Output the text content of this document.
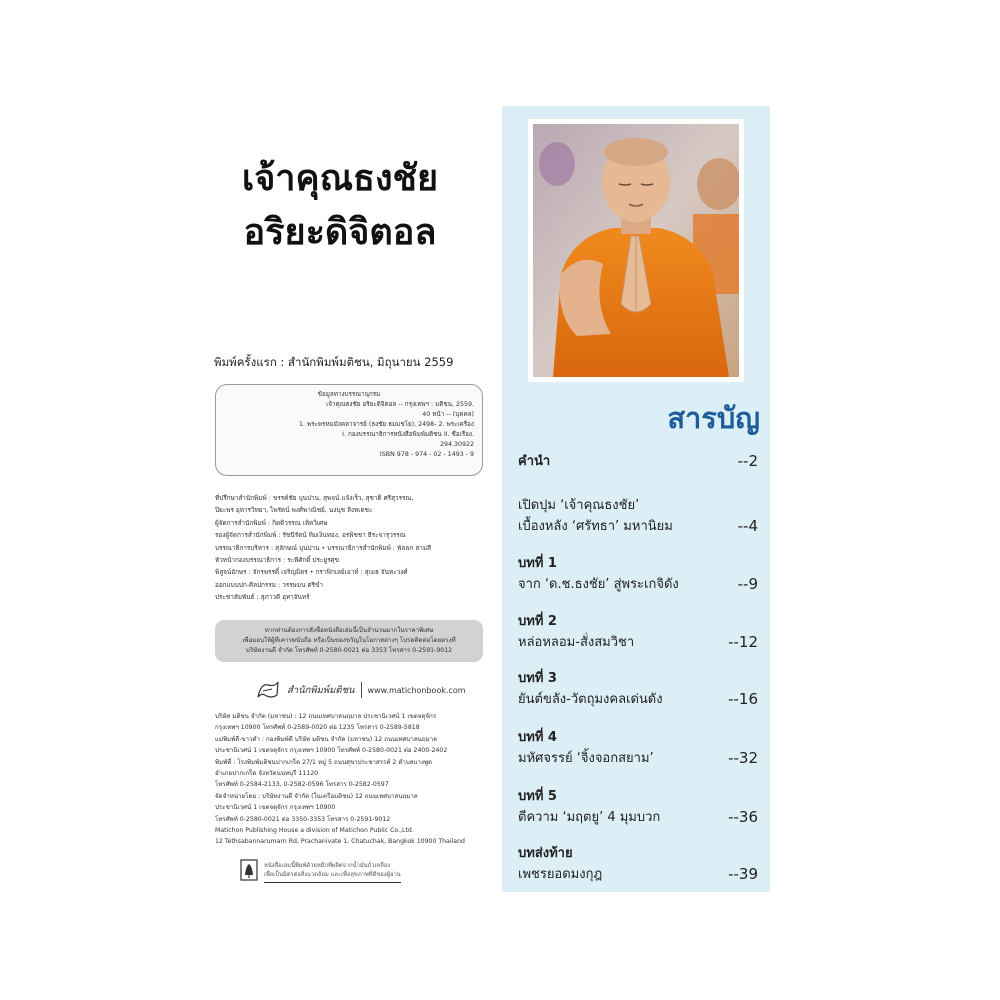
เจ้าคุณธงชัย
อริยะดิจิตอล
พิมพ์ครั้งแรก : สำนักพิมพ์มติชน, มิถุนายน 2559
ข้อมูลทางบรรณานุกรม
เจ้าคุณธงชัย อริยะดิจิตอล -- กรุงเทพฯ : มติชน, 2559.
40 หน้า -- (บุคคล)
1. พระพรหมมังคลาจารย์ (ธงชัย ธมมชโย), 2498- 2. พระเครื่อง
I. กองบรรณาธิการหนังสือพิมพ์มติชน II. ชื่อเรื่อง.
294.30922
ISBN 978 - 974 - 02 - 1493 - 9
ที่ปรึกษาสำนักพิมพ์ : ขรรค์ชัย บุนปาน, สุพจน์ แจ้งเร็ว, สุชาติ ศรีสุวรรณ,
ปิยะพร อุทารวิทยา, ไพรัตน์ พงศ์พาณิชย์, นงนุช สิงหเดชะ
ผู้จัดการสำนักพิมพ์ : กิตติวรรณ เทิดวิเศษ
รองผู้จัดการสำนักพิมพ์ : รัชนีรัตน์ ทิมเงินทอง, อรพิชชา ธีระจารุวรรณ
บรรณาธิการบริหาร : สุลักษณ์ บุนปาน • บรรณาธิการสำนักพิมพ์ : พัลลภ สามสี
หัวหน้ากองบรรณาธิการ : ระพีศักดิ์ ประยูรศุข
พิสูจน์อักษร : จักรพรรดิ์ เจริญมิตร • กราฟิกเลย์เอาท์ : สุเมธ จันทะวงศ์
ออกแบบปก-ศิลปกรรม : วรรษมน ศรีขำ
ประชาสัมพันธ์ : สุภาวดี อุทาจันทร์
หากท่านต้องการสั่งซื้อหนังสือเล่มนี้เป็นจำนวนมากในราคาพิเศษ
เพื่อมอบให้ผู้ที่เคารพนับถือ หรือเป็นของขวัญในโอกาสต่างๆ โปรดติดต่อโดยตรงที่
บริษัทงานดี จำกัด โทรศัพท์ 0-2580-0021 ต่อ 3353 โทรสาร 0-2591-9012
สำนักพิมพ์มติชน www.matichonbook.com
บริษัท มติชน จำกัด (มหาชน) : 12 ถนนเทศบาลนฤมาล ประชานิเวศน์ 1 เขตจตุจักร
กรุงเทพฯ 10900 โทรศัพท์ 0-2589-0020 ต่อ 1235 โทรสาร 0-2589-5818
แม่พิมพ์สี-ขาวดำ : กองพิมพ์ดี บริษัท มติชน จำกัด (มหาชน) 12 ถนนเทศบาลนฤมาล
ประชานิเวศน์ 1 เขตจตุจักร กรุงเทพฯ 10900 โทรศัพท์ 0-2580-0021 ต่อ 2400-2402
พิมพ์ที่ : โรงพิมพ์มติชนปากเกร็ด 27/1 หมู่ 5 ถนนสุขาประชาสรรค์ 2 ตำบลบางพูด
อำเภอปากเกร็ด จังหวัดนนทบุรี 11120
โทรศัพท์ 0-2584-2133, 0-2582-0596 โทรสาร 0-2582-0597
จัดจำหน่ายโดย : บริษัทงานดี จำกัด (ในเครือมติชน) 12 ถนนเทศบาลนฤมาล
ประชานิเวศน์ 1 เขตจตุจักร กรุงเทพฯ 10900
โทรศัพท์ 0-2580-0021 ต่อ 3350-3353 โทรสาร 0-2591-9012
Matichon Publishing House a division of Matichon Public Co.,Ltd.
12 Tethsabannarumarn Rd, Prachanivate 1, Chatuchak, Bangkok 10900 Thailand
หนังสือเล่มนี้พิมพ์ด้วยหมึกที่ผลิตจากน้ำมันถั่วเหลือง
เพื่อเป็นมิตรต่อสิ่งแวดล้อม และเพื่อสุขภาพที่ดีของผู้อ่าน
สารบัญ
คำนำ	--2
เปิดปุม ‘เจ้าคุณธงชัย’
เบื้องหลัง ‘ศรัทธา’ มหานิยม	--4
บทที่ 1
จาก ‘ด.ช.ธงชัย’ สู่พระเกจิดัง	--9
บทที่ 2
หล่อหลอม-สั่งสมวิชา	--12
บทที่ 3
ยันต์ขลัง-วัตถุมงคลเด่นดัง	--16
บทที่ 4
มหัศจรรย์ ‘จิ้งจอกสยาม’	--32
บทที่ 5
ตีความ ‘มฤตยู’ 4 มุมบวก	--36
บทส่งท้าย
เพชรยอดมงกุฎ	--39
